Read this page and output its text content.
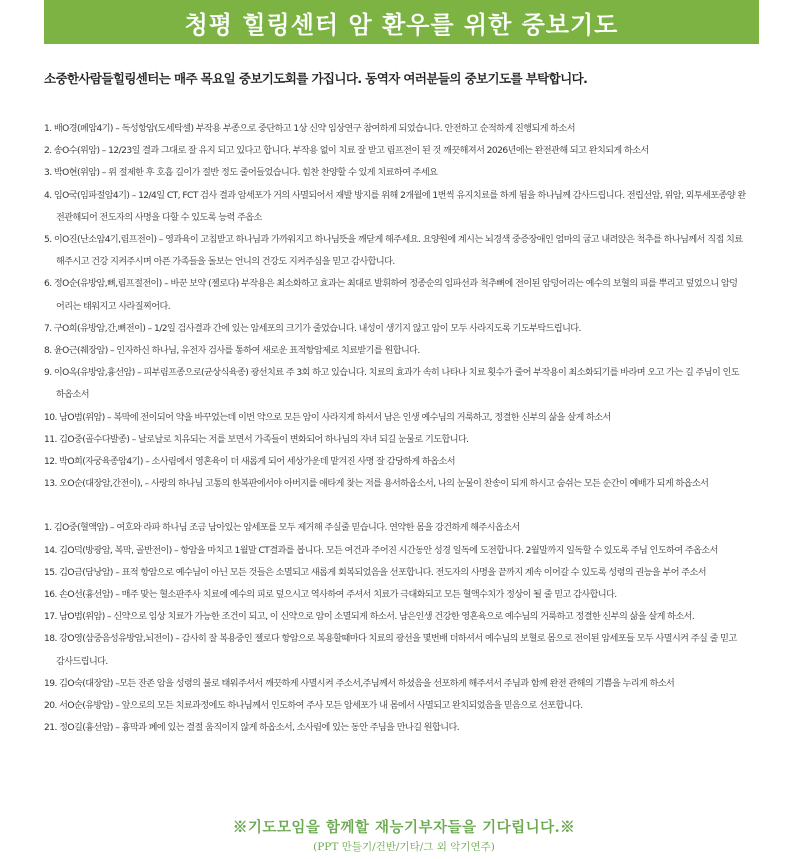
청평 힐링센터 암 환우를 위한 중보기도
소중한사람들힐링센터는 매주 목요일 중보기도회를 가집니다. 동역자 여러분들의 중보기도를 부탁합니다.
1. 배O경(폐암4기) – 독성항암(도세탁셀) 부작용 부종으로 중단하고 1상 신약 임상연구 참여하게 되었습니다. 안전하고 순적하게 진행되게 하소서
2. 송O수(위암) – 12/23일 결과 그대로 잘 유지 되고 있다고 합니다. 부작용 없이 치료 잘 받고 림프전이 된 것 깨끗해져서 2026년에는 완전관해 되고 완치되게 하소서
3. 박O현(위암) – 위 절제한 후 호흡 길이가 절반 정도 줄어들었습니다. 힘찬 찬양할 수 있게 치료하여 주세요
4. 임O국(임파절암4기) – 12/4일 CT, FCT 검사 결과 암세포가 거의 사멸되어서 재발 방지를 위해 2개월에 1번씩 유지치료를 하게 됨을 하나님께 감사드립니다. 전립선암, 위암, 외투세포종양 완
전관해되어 전도자의 사명을 다할 수 있도록 능력 주옵소
5. 이O진(난소암4기,림프전이) – 영과육이 고침받고 하나님과 가까워지고 하나님뜻을 깨닫게 해주세요. 요양원에 계시는 뇌경색 중증장애인 엄마의 굽고 내려앉은 척추를 하나님께서 직접 치료
해주시고 건강 지켜주시며 아픈 가족들을 돌보는 언니의 건강도 지켜주심을 믿고 감사합니다.
6. 정O순(유방암,뼈,림프절전이) – 바꾼 보약 (젤로다) 부작용은 최소화하고 효과는 최대로 발휘하여 정종순의 임파선과 척추뼈에 전이된 암덩어리는 예수의 보혈의 피를 뿌리고 덮었으니 암덩
어리는 태워지고 사라질찌어다.
7. 구O희(유방암,간,뼈전이) – 1/2일 검사결과 간에 있는 암세포의 크기가 줄었습니다. 내성이 생기지 않고 암이 모두 사라지도록 기도부탁드립니다.
8. 윤O근(췌장암) – 인자하신 하나님, 유전자 검사를 통하여 새로운 표적항암제로 치료받기를 원합니다.
9. 이O옥(유방암,흉선암) – 피부림프종으로(균상식육종) 광선치료 주 3회 하고 있습니다. 치료의 효과가 속히 나타나 치료 횟수가 줄어 부작용이 최소화되기를 바라며 오고 가는 길 주님이 인도
하옵소서
10. 남O범(위암) – 복막에 전이되어 약을 바꾸었는데 이번 약으로 모든 암이 사라지게 하셔서 남은 인생 예수님의 거룩하고, 정결한 신부의 삶을 살게 하소서
11. 김O중(골수다발종) – 날로날로 치유되는 저를 보면서 가족들이 변화되어 하나님의 자녀 되길 눈물로 기도합니다.
12. 박O희(자궁육종암4기) – 소사림에서 영혼육이 더 새롭게 되어 세상가운데 맡겨진 사명 잘 감당하게 하옵소서
13. 오O순(대장암,간전이), – 사랑의 하나님 고통의 한복판에서야 아버지를 애타게 찾는 저를 용서하옵소서, 나의 눈물이 찬송이 되게 하시고 숨쉬는 모든 순간이 예배가 되게 하옵소서
1. 김O중(혈액암) – 여호와 라파 하나님 조금 남아있는 암세포를 모두 제거해 주실줄 믿습니다. 연약한 몸을 강건하게 해주시옵소서
14. 김O덕(방광암, 복막, 골반전이) – 항암을 마치고 1월말 CT결과를 봅니다. 모든 여건과 주어진 시간동안 성경 일독에 도전합니다. 2월말까지 일독할 수 있도록 주님 인도하여 주옵소서
15. 김O금(담낭암) – 표적 항암으로 예수님이 아닌 모든 것들은 소멸되고 새롭게 회복되었음을 선포합니다. 전도자의 사명을 끝까지 계속 이어갈 수 있도록 성령의 권능을 부어 주소서
16. 손O선(흉선암) – 매주 맞는 혈소판주사 치료에 예수의 피로 덮으시고 역사하여 주셔서 치료가 극대화되고 모든 혈액수치가 정상이 될 줄 믿고 감사합니다.
17. 남O범(위암) – 신약으로 임상 치료가 가능한 조건이 되고, 이 신약으로 암이 소멸되게 하소서. 남은인생 건강한 영혼육으로 예수님의 거룩하고 정결한 신부의 삶을 살게 하소서.
18. 강O영(삼중음성유방암,뇌전이) – 감사히 잘 복용중인 젤로다 항암으로 복용할때마다 치료의 광선을 몇번배 더하셔서 예수님의 보혈로 몸으로 전이된 암세포들 모두 사멸시켜 주실 줄 믿고
감사드립니다.
19. 김O숙(대장암) –모든 잔존 암을 성령의 불로 태워주셔서 깨끗하게 사멸시켜 주소서,주님께서 하셨음을 선포하게 해주셔서 주님과 함께 완전 관해의 기쁨을 누리게 하소서
20. 서O순(유방암) – 앞으로의 모든 치료과정에도 하나님께서 인도하여 주사 모든 암세포가 내 몸에서 사멸되고 완치되었음을 믿음으로 선포합니다.
21. 정O길(흉선암) – 흉막과 폐에 있는 결절 움직이지 않게 하옵소서, 소사림에 있는 동안 주님을 만나길 원합니다.
※기도모임을 함께할 재능기부자들을 기다립니다.※
(PPT 만들기/건반/기타/그 외 악기연주)
